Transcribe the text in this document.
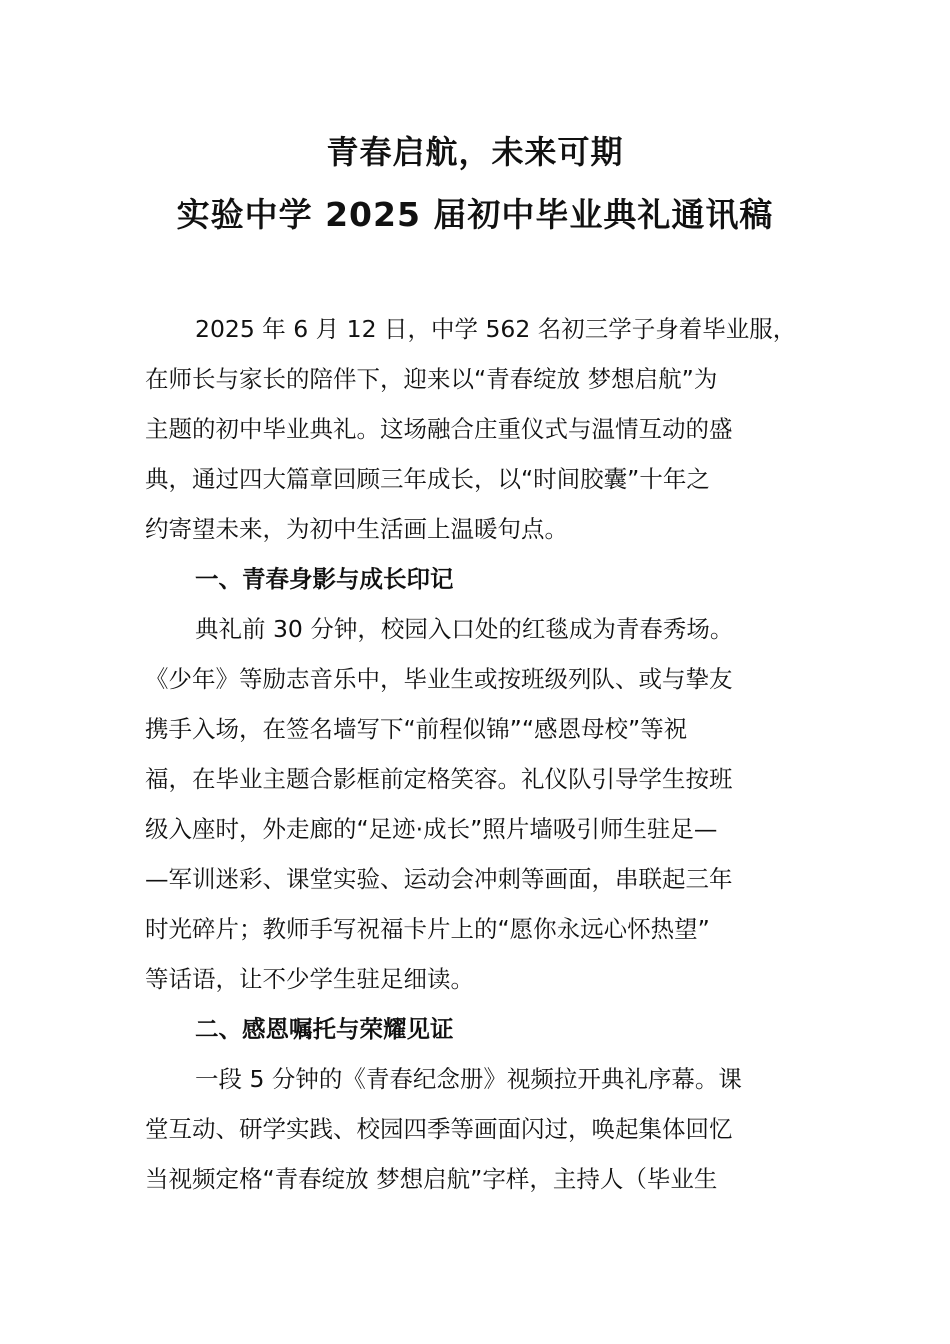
青春启航，未来可期
实验中学 2025 届初中毕业典礼通讯稿
2025 年 6 月 12 日，中学 562 名初三学子身着毕业服，
在师长与家长的陪伴下，迎来以“青春绽放 梦想启航”为
主题的初中毕业典礼。这场融合庄重仪式与温情互动的盛
典，通过四大篇章回顾三年成长，以“时间胶囊”十年之
约寄望未来，为初中生活画上温暖句点。
一、青春身影与成长印记
典礼前 30 分钟，校园入口处的红毯成为青春秀场。
《少年》等励志音乐中，毕业生或按班级列队、或与挚友
携手入场，在签名墙写下“前程似锦”“感恩母校”等祝
福，在毕业主题合影框前定格笑容。礼仪队引导学生按班
级入座时，外走廊的“足迹·成长”照片墙吸引师生驻足—
—军训迷彩、课堂实验、运动会冲刺等画面，串联起三年
时光碎片；教师手写祝福卡片上的“愿你永远心怀热望”
等话语，让不少学生驻足细读。
二、感恩嘱托与荣耀见证
一段 5 分钟的《青春纪念册》视频拉开典礼序幕。课
堂互动、研学实践、校园四季等画面闪过，唤起集体回忆
当视频定格“青春绽放 梦想启航”字样，主持人（毕业生
